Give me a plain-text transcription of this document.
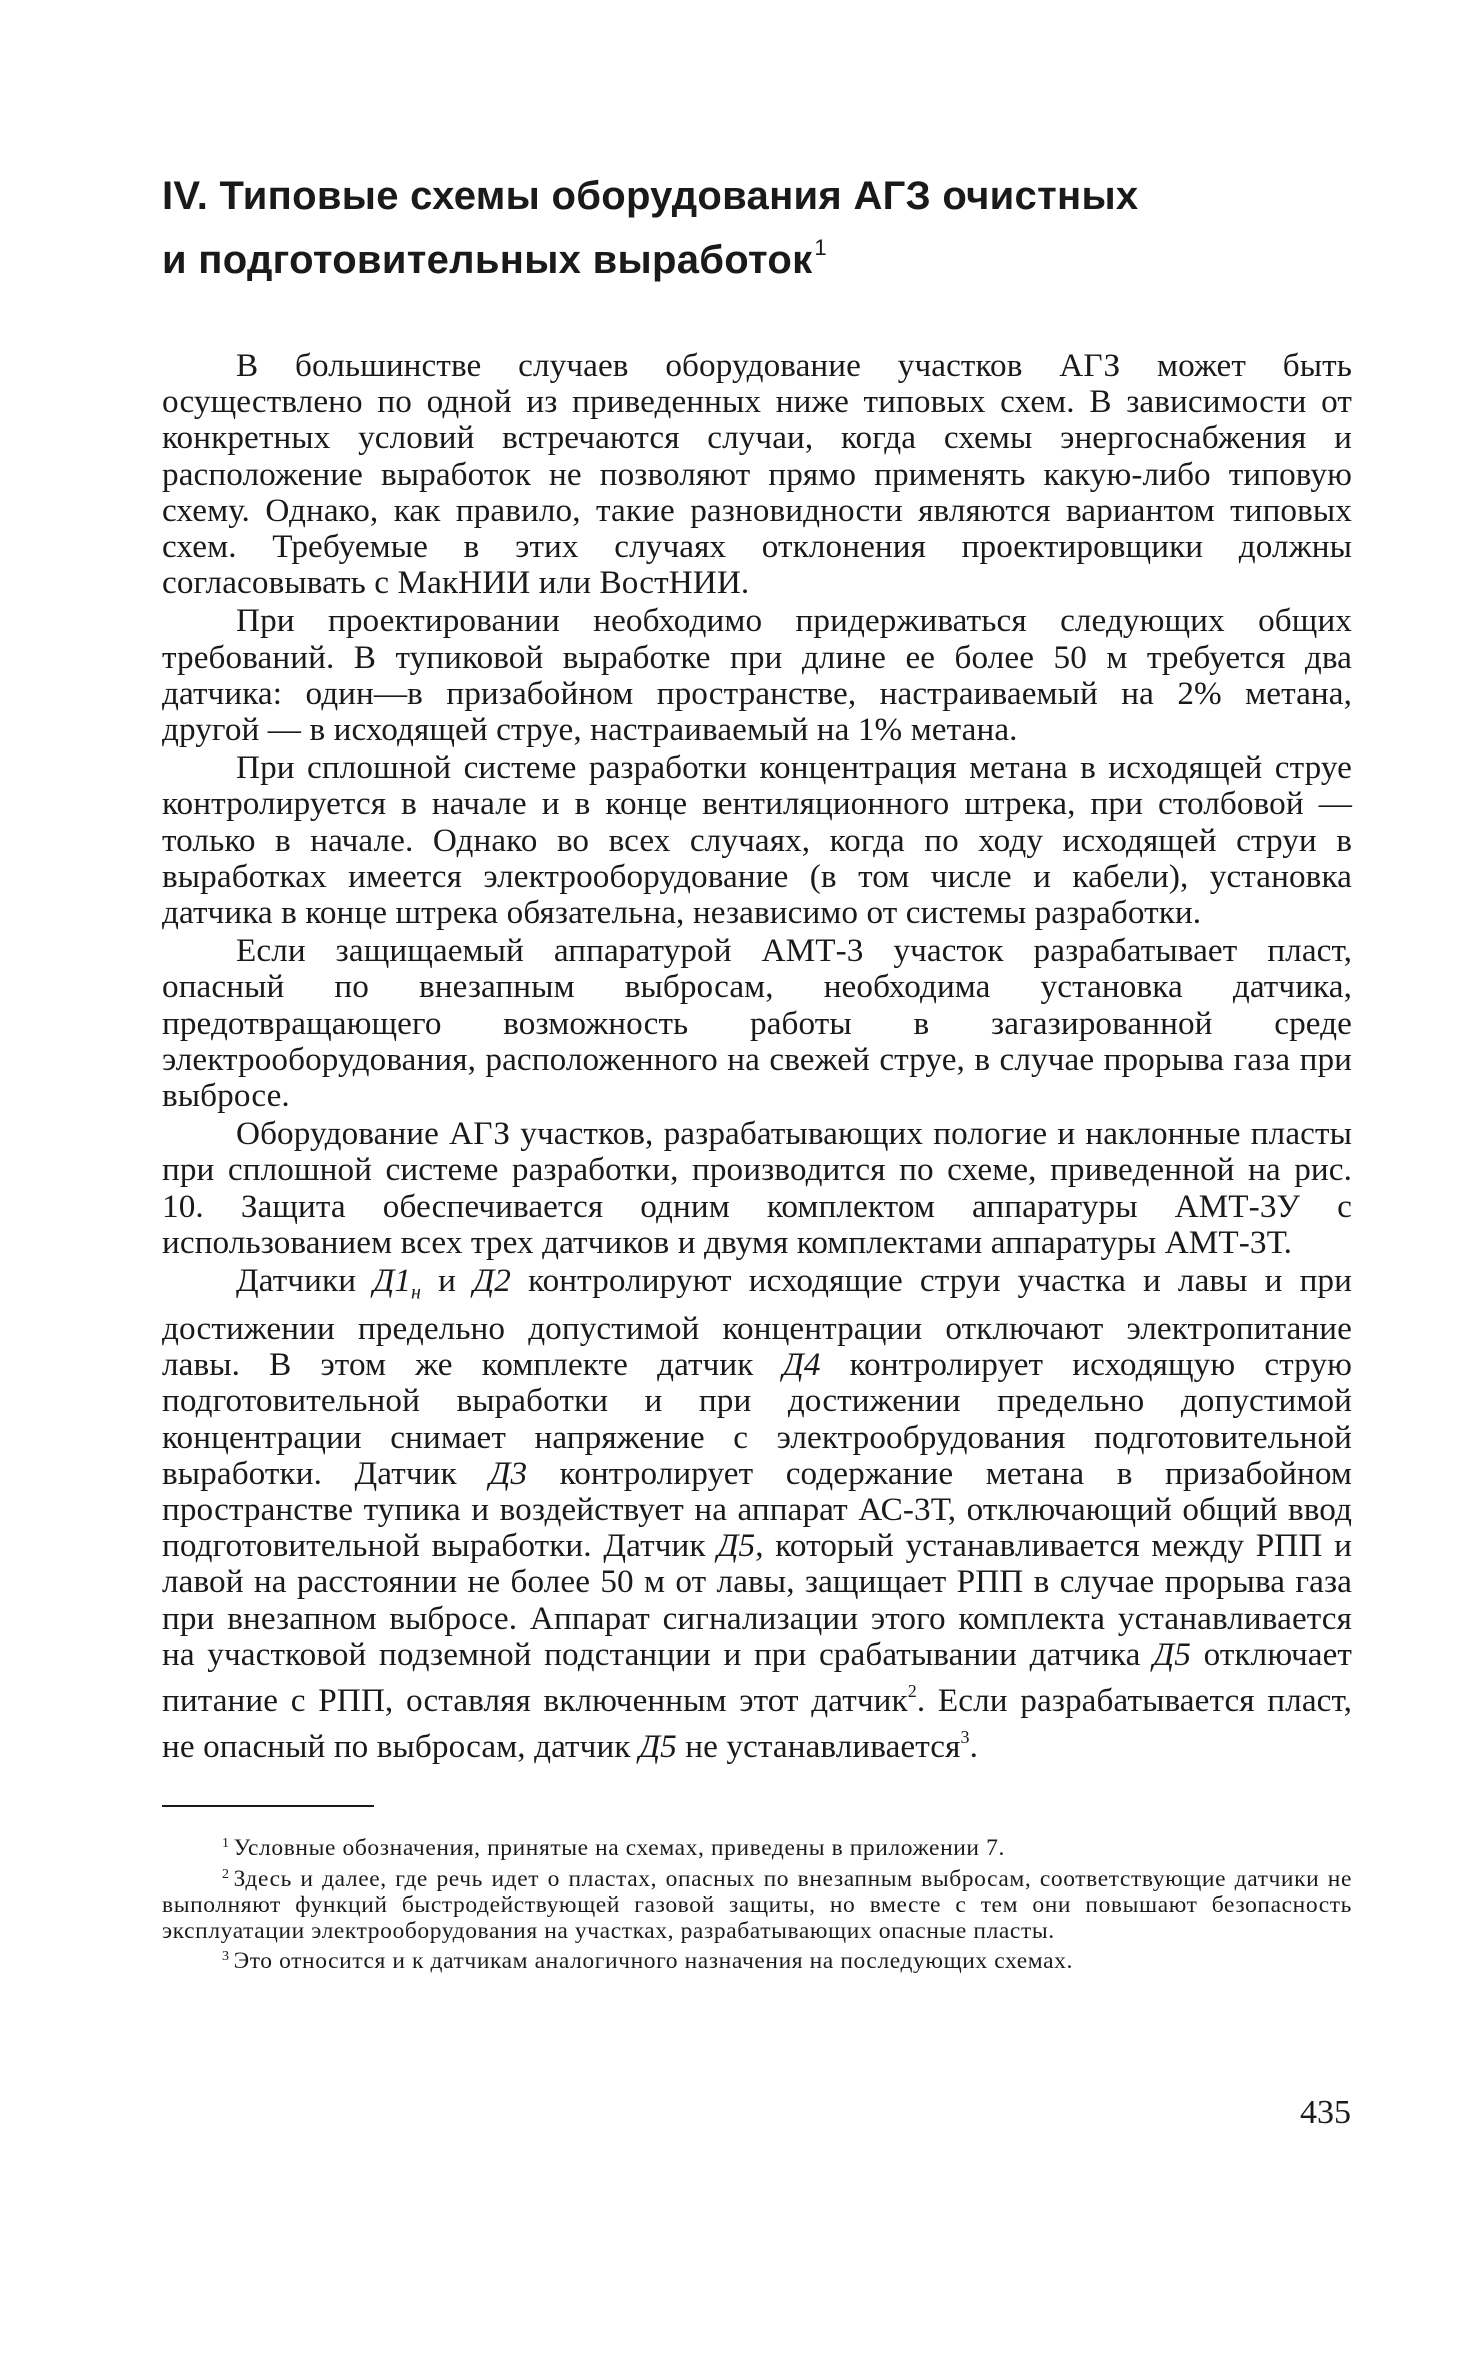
IV. Типовые схемы оборудования АГЗ очистных
и подготовительных выработок$^1$

В большинстве случаев оборудование участков АГЗ может быть осуществлено по одной из приведенных ниже типовых схем. В зависимости от конкретных условий встречаются случаи, когда схемы энергоснабжения и расположение выработок не позволяют прямо применять какую-либо типовую схему. Однако, как правило, такие разновидности являются вариантом типовых схем. Требуемые в этих случаях отклонения проектировщики должны согласовывать с МакНИИ или ВостНИИ.

При проектировании необходимо придерживаться следующих общих требований. В тупиковой выработке при длине ее более 50 м требуется два датчика: один—в призабойном пространстве, настраиваемый на 2% метана, другой — в исходящей струе, настраиваемый на 1% метана.

При сплошной системе разработки концентрация метана в исходящей струе контролируется в начале и в конце вентиляционного штрека, при столбовой — только в начале. Однако во всех случаях, когда по ходу исходящей струи в выработках имеется электрооборудование (в том числе и кабели), установка датчика в конце штрека обязательна, независимо от системы разработки.

Если защищаемый аппаратурой АМТ-3 участок разрабатывает пласт, опасный по внезапным выбросам, необходима установка датчика, предотвращающего возможность работы в загазированной среде электрооборудования, расположенного на свежей струе, в случае прорыва газа при выбросе.

Оборудование АГЗ участков, разрабатывающих пологие и наклонные пласты при сплошной системе разработки, производится по схеме, приведенной на рис. 10. Защита обеспечивается одним комплектом аппаратуры АМТ-3У с использованием всех трех датчиков и двумя комплектами аппаратуры АМТ-3Т.

Датчики $Д1_н$ и Д2 контролируют исходящие струи участка и лавы и при достижении предельно допустимой концентрации отключают электропитание лавы. В этом же комплекте датчик Д4 контролирует исходящую струю подготовительной выработки и при достижении предельно допустимой концентрации снимает напряжение с электрообрудования подготовительной выработки. Датчик Д3 контролирует содержание метана в призабойном пространстве тупика и воздействует на аппарат АС-3Т, отключающий общий ввод подготовительной выработки. Датчик Д5, который устанавливается между РПП и лавой на расстоянии не более 50 м от лавы, защищает РПП в случае прорыва газа при внезапном выбросе. Аппарат сигнализации этого комплекта устанавливается на участковой подземной подстанции и при срабатывании датчика Д5 отключает питание с РПП, оставляя включенным этот датчик$^2$. Если разрабатывается пласт, не опасный по выбросам, датчик Д5 не устанавливается$^3$.

$^1$ Условные обозначения, принятые на схемах, приведены в приложении 7.

$^2$ Здесь и далее, где речь идет о пластах, опасных по внезапным выбросам, соответствующие датчики не выполняют функций быстродействующей газовой защиты, но вместе с тем они повышают безопасность эксплуатации электрооборудования на участках, разрабатывающих опасные пласты.

$^3$ Это относится и к датчикам аналогичного назначения на последующих схемах.

435
